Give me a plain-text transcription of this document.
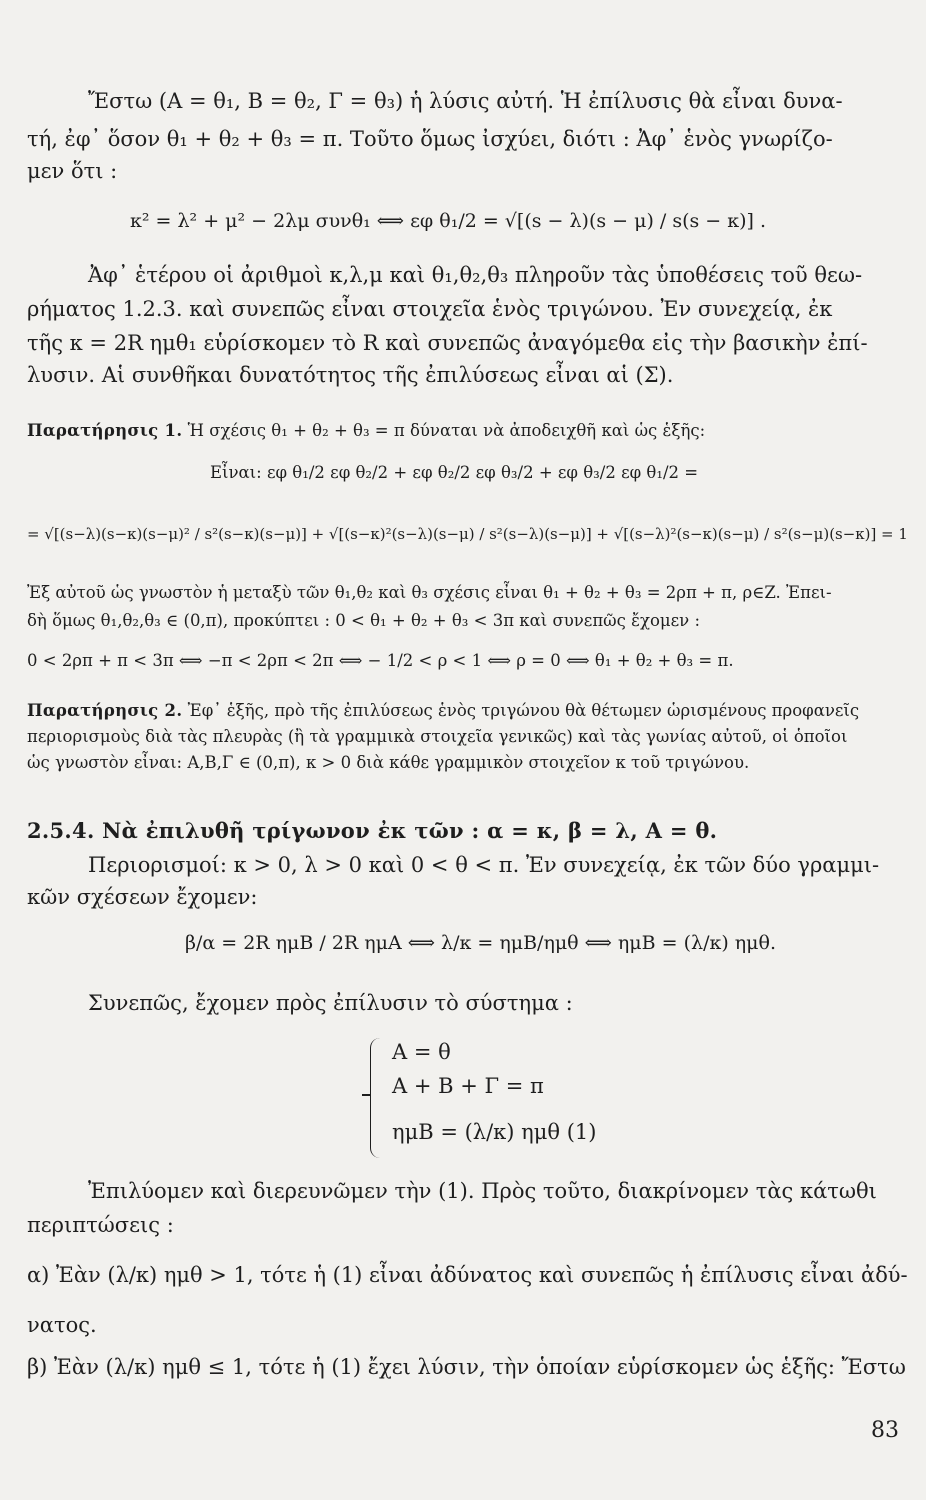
Ἔστω (Α = θ₁, Β = θ₂, Γ = θ₃) ἡ λύσις αὐτή. Ἡ ἐπίλυσις θὰ εἶναι δυνα-
τή, ἐφ᾽ ὅσον θ₁ + θ₂ + θ₃ = π. Τοῦτο ὅμως ἰσχύει, διότι : Ἀφ᾽ ἑνὸς γνωρίζο-
μεν ὅτι :
κ² = λ² + μ² − 2λμ συνθ₁ ⟺ εφ θ₁/2 = √[(s − λ)(s − μ) / s(s − κ)] .
Ἀφ᾽ ἑτέρου οἱ ἀριθμοὶ κ,λ,μ καὶ θ₁,θ₂,θ₃ πληροῦν τὰς ὑποθέσεις τοῦ θεω-
ρήματος 1.2.3. καὶ συνεπῶς εἶναι στοιχεῖα ἑνὸς τριγώνου. Ἐν συνεχείᾳ, ἐκ
τῆς κ = 2R ημθ₁ εὑρίσκομεν τὸ R καὶ συνεπῶς ἀναγόμεθα εἰς τὴν βασικὴν ἐπί-
λυσιν. Αἱ συνθῆκαι δυνατότητος τῆς ἐπιλύσεως εἶναι αἱ (Σ).
Παρατήρησις 1. Ἡ σχέσις θ₁ + θ₂ + θ₃ = π δύναται νὰ ἀποδειχθῆ καὶ ὡς ἑξῆς:
Εἶναι: εφ θ₁/2 εφ θ₂/2 + εφ θ₂/2 εφ θ₃/2 + εφ θ₃/2 εφ θ₁/2 =
= √[(s−λ)(s−κ)(s−μ)² / s²(s−κ)(s−μ)] + √[(s−κ)²(s−λ)(s−μ) / s²(s−λ)(s−μ)] + √[(s−λ)²(s−κ)(s−μ) / s²(s−μ)(s−κ)] = 1
Ἐξ αὐτοῦ ὡς γνωστὸν ἡ μεταξὺ τῶν θ₁,θ₂ καὶ θ₃ σχέσις εἶναι θ₁ + θ₂ + θ₃ = 2ρπ + π, ρ∈Z. Ἐπει-
δὴ ὅμως θ₁,θ₂,θ₃ ∈ (0,π), προκύπτει : 0 < θ₁ + θ₂ + θ₃ < 3π καὶ συνεπῶς ἔχομεν :
0 < 2ρπ + π < 3π ⟺ −π < 2ρπ < 2π ⟺ − 1/2 < ρ < 1 ⟺ ρ = 0 ⟺ θ₁ + θ₂ + θ₃ = π.
Παρατήρησις 2. Ἐφ᾽ ἑξῆς, πρὸ τῆς ἐπιλύσεως ἑνὸς τριγώνου θὰ θέτωμεν ὡρισμένους προφανεῖς
περιορισμοὺς διὰ τὰς πλευρὰς (ἢ τὰ γραμμικὰ στοιχεῖα γενικῶς) καὶ τὰς γωνίας αὐτοῦ, οἱ ὁποῖοι
ὡς γνωστὸν εἶναι: Α,Β,Γ ∈ (0,π), κ > 0 διὰ κάθε γραμμικὸν στοιχεῖον κ τοῦ τριγώνου.
2.5.4. Νὰ ἐπιλυθῆ τρίγωνον ἐκ τῶν : α = κ, β = λ, Α = θ.
Περιορισμοί: κ > 0, λ > 0 καὶ 0 < θ < π. Ἐν συνεχείᾳ, ἐκ τῶν δύο γραμμι-
κῶν σχέσεων ἔχομεν:
β/α = 2R ημΒ / 2R ημΑ ⟺ λ/κ = ημΒ/ημθ ⟺ ημΒ = (λ/κ) ημθ.
Συνεπῶς, ἔχομεν πρὸς ἐπίλυσιν τὸ σύστημα :
Α = θ
Α + Β + Γ = π
ημΒ = (λ/κ) ημθ (1)
Ἐπιλύομεν καὶ διερευνῶμεν τὴν (1). Πρὸς τοῦτο, διακρίνομεν τὰς κάτωθι
περιπτώσεις :
α) Ἐὰν (λ/κ) ημθ > 1, τότε ἡ (1) εἶναι ἀδύνατος καὶ συνεπῶς ἡ ἐπίλυσις εἶναι ἀδύ-
νατος.
β) Ἐὰν (λ/κ) ημθ ≤ 1, τότε ἡ (1) ἔχει λύσιν, τὴν ὁποίαν εὑρίσκομεν ὡς ἑξῆς: Ἔστω
83
